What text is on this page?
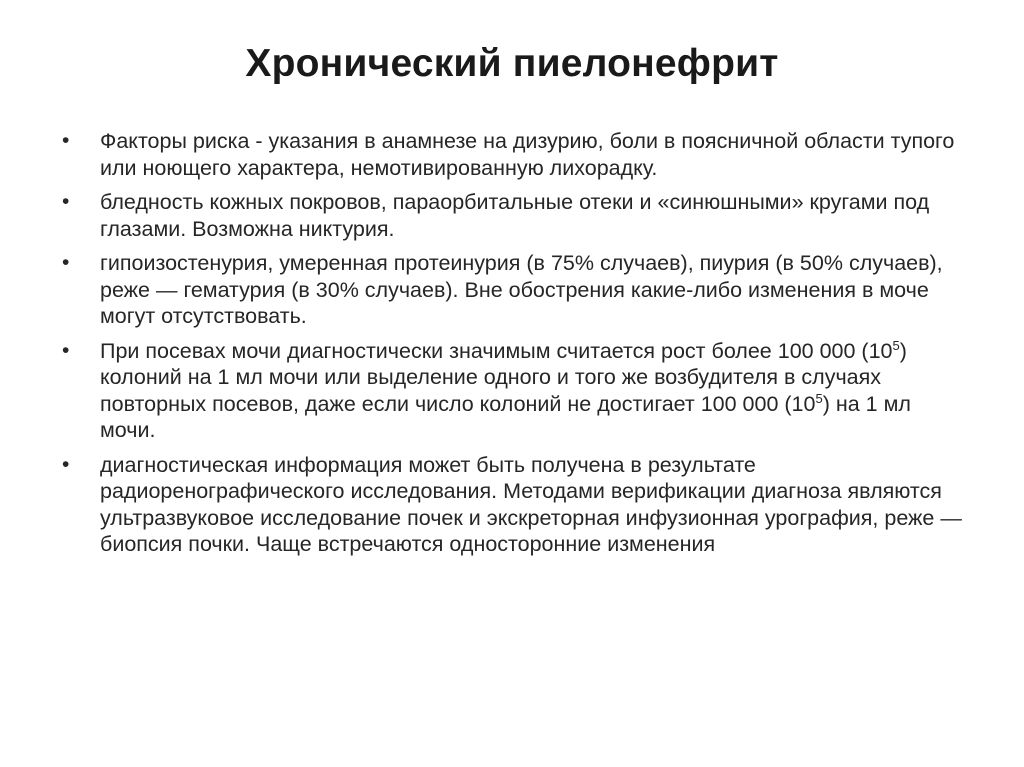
Хронический пиелонефрит
•	Факторы риска - указания в анамнезе на дизурию, боли в поясничной области тупого или ноющего характера, немотивированную лихорадку.
•	бледность кожных покровов, параорбитальные отеки и «синюшными» кругами под глазами. Возможна никтурия.
•	гипоизостенурия, умеренная протеинурия (в 75% случаев), пиурия (в 50% случаев), реже — гематурия (в 30% случаев). Вне обострения какие-либо изменения в моче могут отсутствовать.
•	При посевах мочи диагностически значимым считается рост более 100 000 $(10^5)$ колоний на 1 мл мочи или выделение одного и того же возбудителя в случаях повторных посевов, даже если число колоний не достигает 100 000 $(10^5)$ на 1 мл мочи.
•	диагностическая информация может быть получена в результате радиоренографического исследования. Методами верификации диагноза являются ультразвуковое исследование почек и экскреторная инфузионная урография, реже — биопсия почки. Чаще встречаются односторонние изменения
